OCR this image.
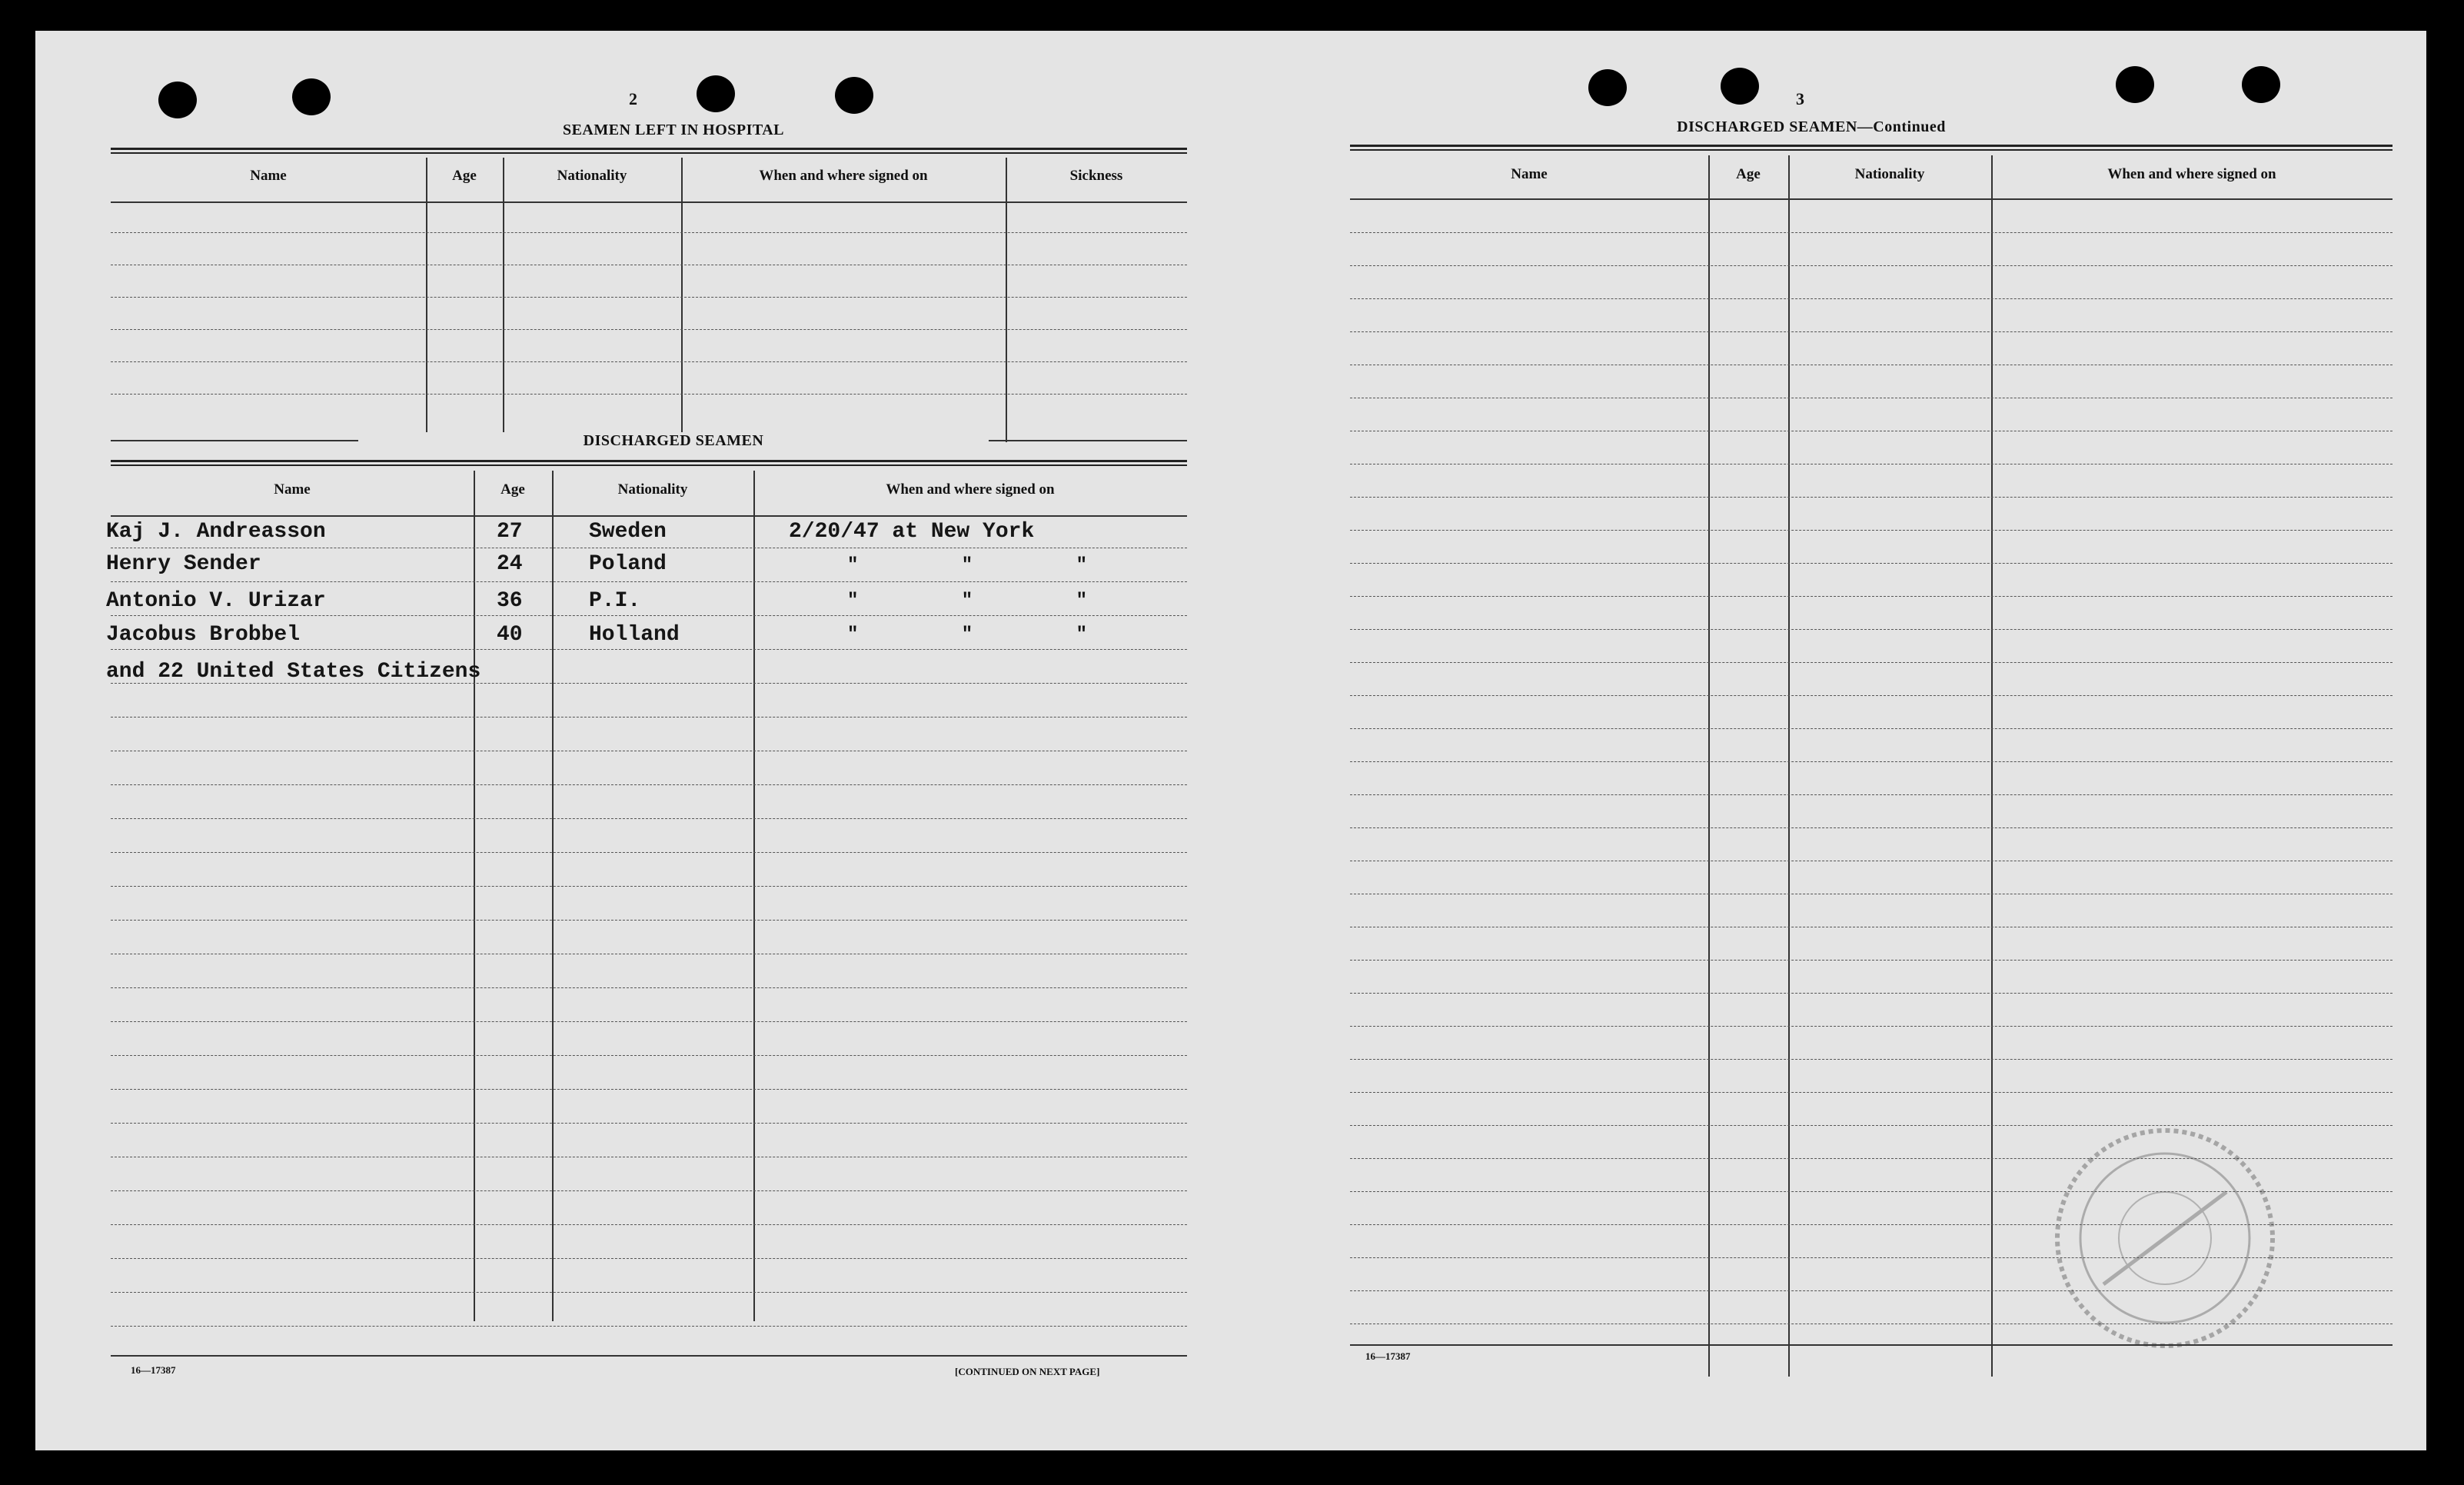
2
SEAMEN LEFT IN HOSPITAL
Name	Age	Nationality	When and where signed on	Sickness
DISCHARGED SEAMEN
Name	Age	Nationality	When and where signed on
Kaj J. Andreasson	27	Sweden	2/20/47 at New York
Henry Sender	24	Poland	" " "
Antonio V. Urizar	36	P.I.	" " "
Jacobus Brobbel	40	Holland	" " "
and 22 United States Citizens
16—17387	[CONTINUED ON NEXT PAGE]
3
DISCHARGED SEAMEN—Continued
Name	Age	Nationality	When and where signed on
16—17387
